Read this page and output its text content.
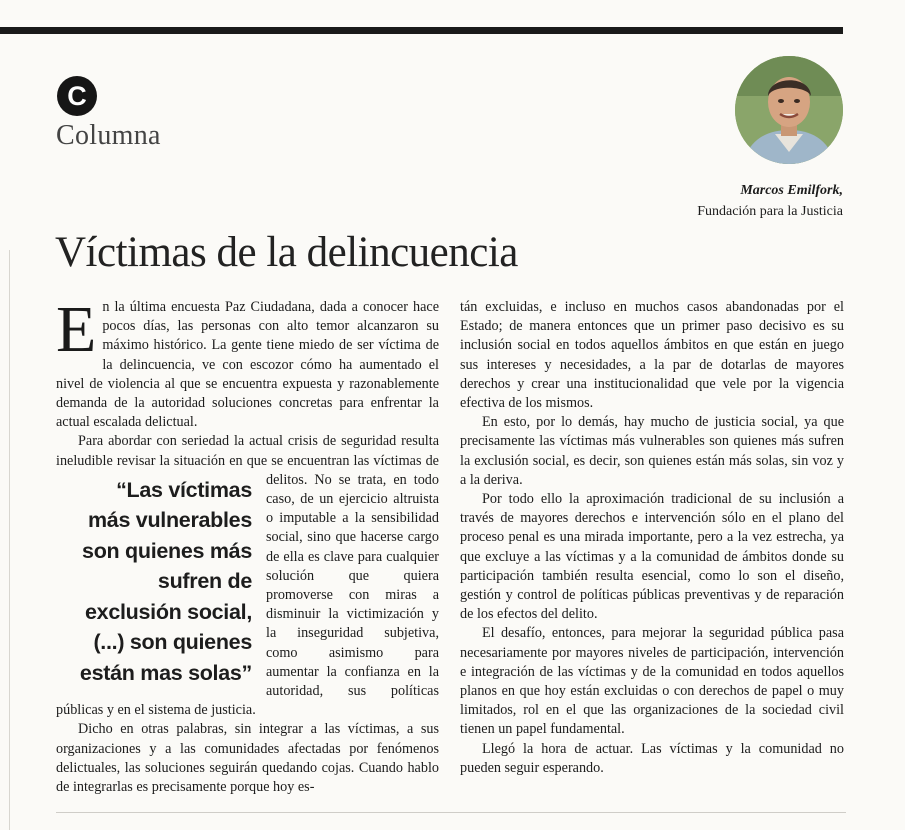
C
Columna
Marcos Emilfork,
Fundación para la Justicia
Víctimas de la delincuencia

En la última encuesta Paz Ciudadana, dada a conocer hace pocos días, las personas con alto temor alcanzaron su máximo histórico. La gente tiene miedo de ser víctima de la delincuencia, ve con escozor cómo ha aumentado el nivel de violencia al que se encuentra expuesta y razonablemente demanda de la autoridad soluciones concretas para enfrentar la actual escalada delictual.

Para abordar con seriedad la actual crisis de seguridad resulta ineludible revisar la situación en que se encuentran
“Las víctimas más vulnerables son quienes más sufren de exclusión social, (...) son quienes están mas solas”
las víctimas de delitos. No se trata, en todo caso, de un ejercicio altruista o imputable a la sensibilidad social, sino que hacerse cargo de ella es clave para cualquier solución que quiera promoverse con miras a disminuir la victimización y la inseguridad subjetiva, como asimismo para aumentar la confianza en la autoridad, sus políticas públicas y en el sistema de justicia.

Dicho en otras palabras, sin integrar a las víctimas, a sus organizaciones y a las comunidades afectadas por fenómenos delictuales, las soluciones seguirán quedando cojas. Cuando hablo de integrarlas es precisamente porque hoy es-

tán excluidas, e incluso en muchos casos abandonadas por el Estado; de manera entonces que un primer paso decisivo es su inclusión social en todos aquellos ámbitos en que están en juego sus intereses y necesidades, a la par de dotarlas de mayores derechos y crear una institucionalidad que vele por la vigencia efectiva de los mismos.

En esto, por lo demás, hay mucho de justicia social, ya que precisamente las víctimas más vulnerables son quienes más sufren la exclusión social, es decir, son quienes están más solas, sin voz y a la deriva.

Por todo ello la aproximación tradicional de su inclusión a través de mayores derechos e intervención sólo en el plano del proceso penal es una mirada importante, pero a la vez estrecha, ya que excluye a las víctimas y a la comunidad de ámbitos donde su participación también resulta esencial, como lo son el diseño, gestión y control de políticas públicas preventivas y de reparación de los efectos del delito.

El desafío, entonces, para mejorar la seguridad pública pasa necesariamente por mayores niveles de participación, intervención e integración de las víctimas y de la comunidad en todos aquellos planos en que hoy están excluidas o con derechos de papel o muy limitados, rol en el que las organizaciones de la sociedad civil tienen un papel fundamental.

Llegó la hora de actuar. Las víctimas y la comunidad no pueden seguir esperando.
